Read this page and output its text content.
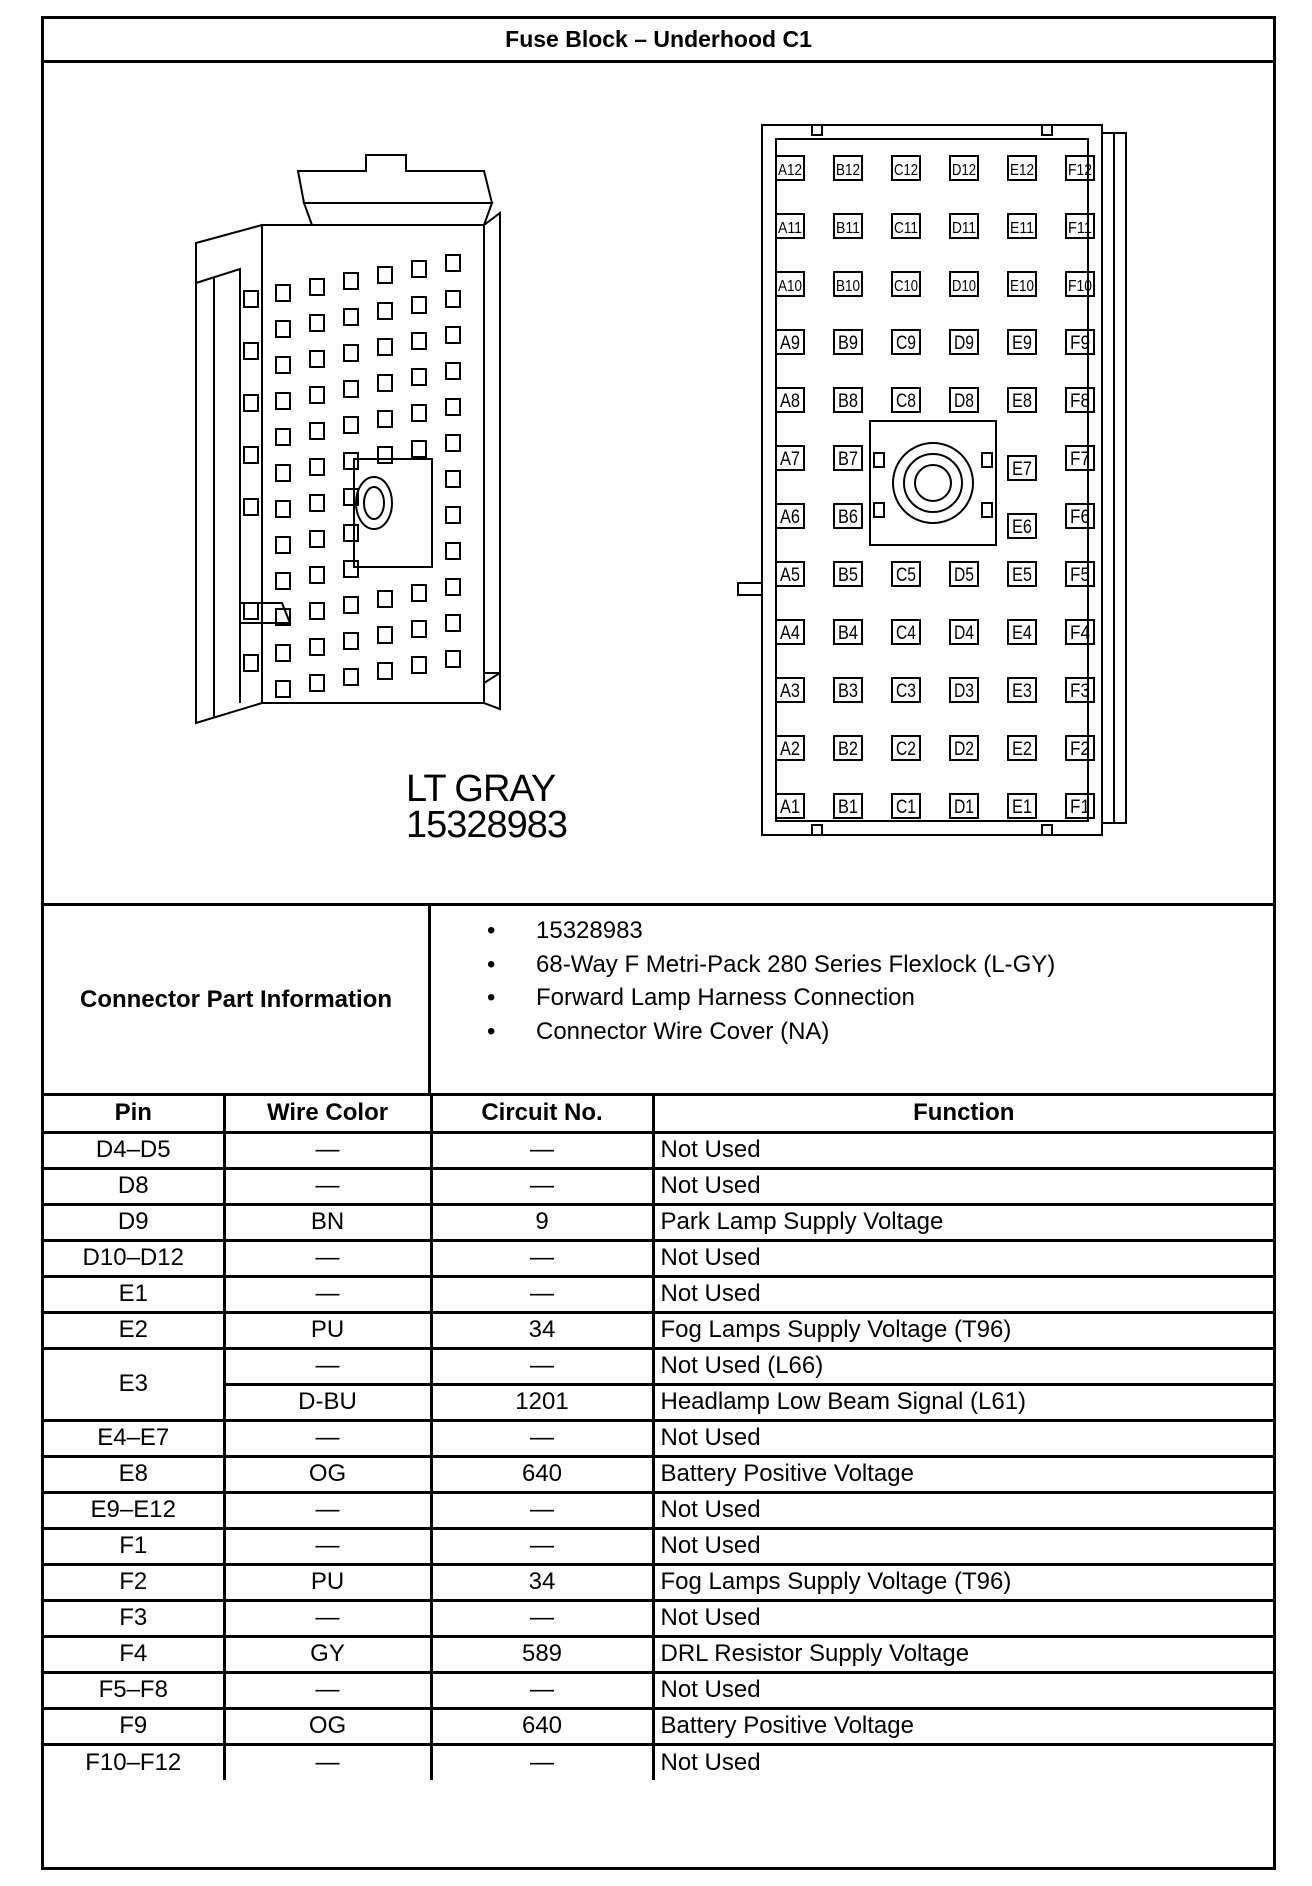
Fuse Block – Underhood C1
A12 B12 C12 D12 E12 F12
A11 B11 C11 D11 E11 F11
A10 B10 C10 D10 E10 F10
A9 B9 C9 D9 E9 F9
A8 B8 C8 D8 E8 F8
A7 B7	E7 F7
A6 B6	E6 F6
A5 B5 C5 D5 E5 F5
A4 B4 C4 D4 E4 F4
A3 B3 C3 D3 E3 F3
A2 B2 C2 D2 E2 F2
A1 B1 C1 D1 E1 F1
LT GRAY
15328983
Connector Part Information
• 15328983
• 68-Way F Metri-Pack 280 Series Flexlock (L-GY)
• Forward Lamp Harness Connection
• Connector Wire Cover (NA)
Pin	Wire Color	Circuit No.	Function
D4–D5	—	—	Not Used
D8	—	—	Not Used
D9	BN	9	Park Lamp Supply Voltage
D10–D12	—	—	Not Used
E1	—	—	Not Used
E2	PU	34	Fog Lamps Supply Voltage (T96)
E3	—	—	Not Used (L66)
	D-BU	1201	Headlamp Low Beam Signal (L61)
E4–E7	—	—	Not Used
E8	OG	640	Battery Positive Voltage
E9–E12	—	—	Not Used
F1	—	—	Not Used
F2	PU	34	Fog Lamps Supply Voltage (T96)
F3	—	—	Not Used
F4	GY	589	DRL Resistor Supply Voltage
F5–F8	—	—	Not Used
F9	OG	640	Battery Positive Voltage
F10–F12	—	—	Not Used
